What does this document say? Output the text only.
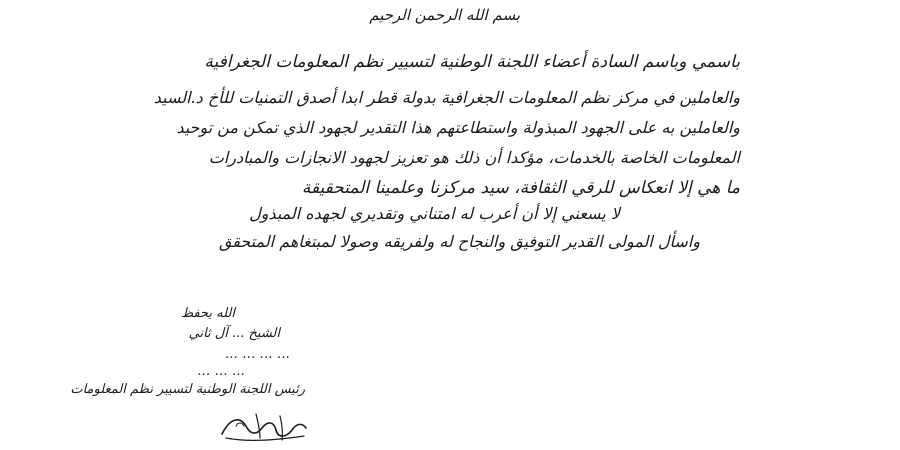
بسم الله الرحمن الرحيم
باسمي وباسم السادة أعضاء اللجنة الوطنية لتسيير نظم المعلومات الجغرافية
والعاملين في مركز نظم المعلومات الجغرافية بدولة قطر ابدا أصدق التمنيات للأخ د.السيد
والعاملين به على الجهود المبذولة واستطاعتهم هذا التقدير لجهود الذي تمكن من توحيد
المعلومات الخاصة بالخدمات، مؤكدا أن ذلك هو تعزيز لجهود الانجازات والمبادرات
ما هي إلا انعكاس للرقي الثقافة، سيد مركزنا وعلمينا المتحقيقة
لا يسعني إلا أن أعرب له امتناني وتقديري لجهده المبذول
واسأل المولى القدير التوفيق والنجاح له ولفريقه وصولا لمبتغاهم المتحقق
الله يحفظ
الشيخ ... آل ثاني
... ... ... ...
... ... ...
رئيس اللجنة الوطنية لتسيير نظم المعلومات
